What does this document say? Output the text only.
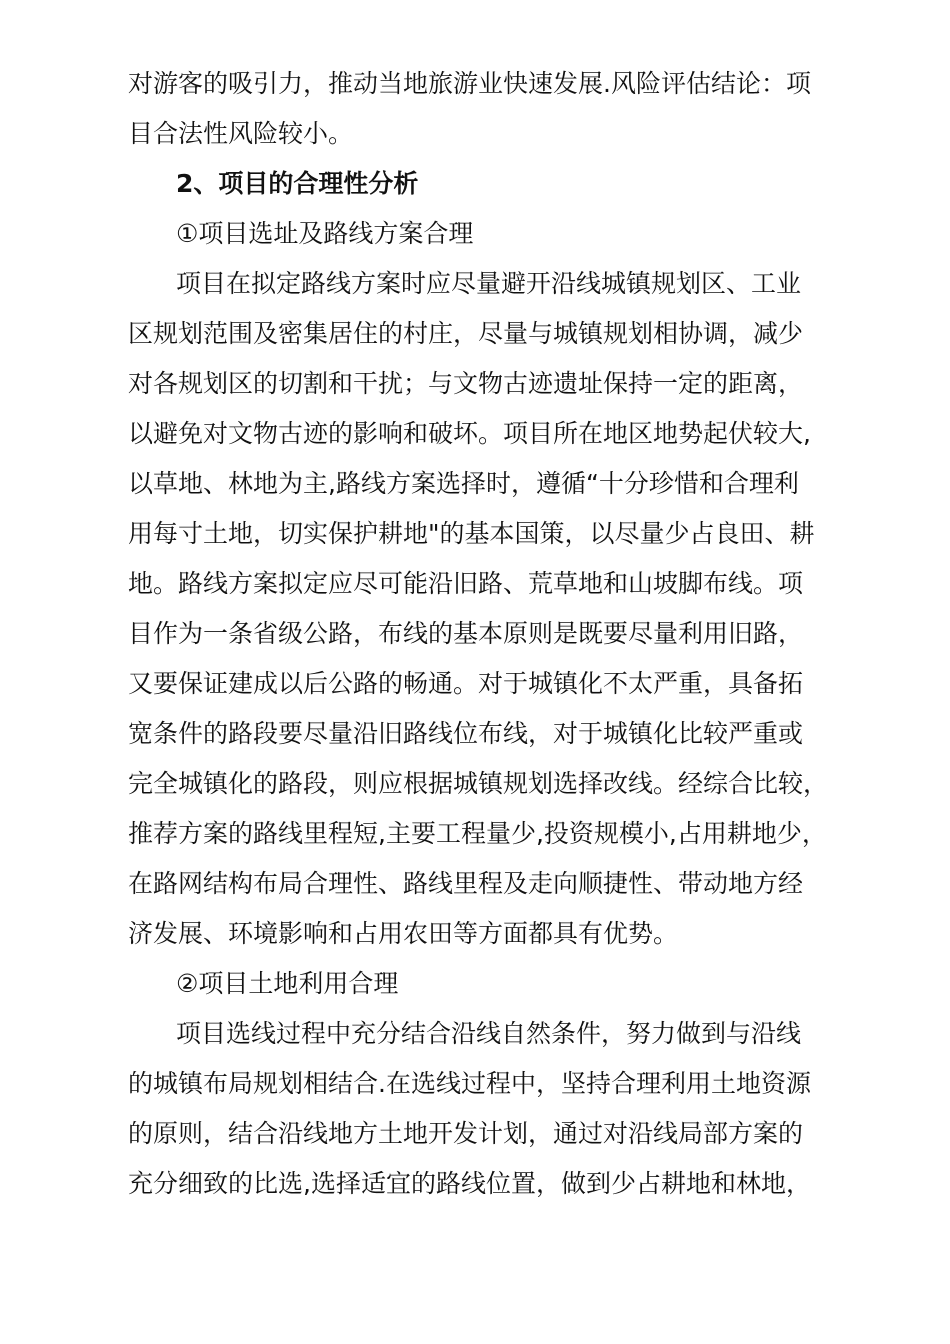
对游客的吸引力，推动当地旅游业快速发展.风险评估结论：项
目合法性风险较小。
2、项目的合理性分析
①项目选址及路线方案合理
项目在拟定路线方案时应尽量避开沿线城镇规划区、工业
区规划范围及密集居住的村庄，尽量与城镇规划相协调，减少
对各规划区的切割和干扰；与文物古迹遗址保持一定的距离，
以避免对文物古迹的影响和破坏。项目所在地区地势起伏较大,
以草地、林地为主,路线方案选择时，遵循“十分珍惜和合理利
用每寸土地，切实保护耕地"的基本国策，以尽量少占良田、耕
地。路线方案拟定应尽可能沿旧路、荒草地和山坡脚布线。项
目作为一条省级公路，布线的基本原则是既要尽量利用旧路，
又要保证建成以后公路的畅通。对于城镇化不太严重，具备拓
宽条件的路段要尽量沿旧路线位布线，对于城镇化比较严重或
完全城镇化的路段，则应根据城镇规划选择改线。经综合比较，
推荐方案的路线里程短,主要工程量少,投资规模小,占用耕地少，
在路网结构布局合理性、路线里程及走向顺捷性、带动地方经
济发展、环境影响和占用农田等方面都具有优势。
②项目土地利用合理
项目选线过程中充分结合沿线自然条件，努力做到与沿线
的城镇布局规划相结合.在选线过程中，坚持合理利用土地资源
的原则，结合沿线地方土地开发计划，通过对沿线局部方案的
充分细致的比选,选择适宜的路线位置，做到少占耕地和林地，
